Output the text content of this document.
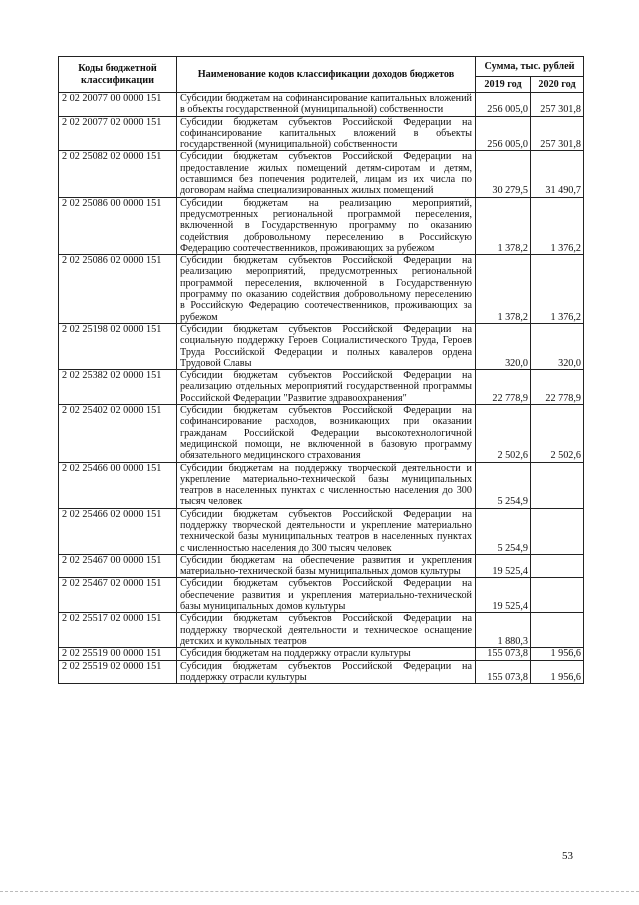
Коды бюджетной классификации	Наименование кодов классификации доходов бюджетов	Сумма, тыс. рублей	
		2019 год	2020 год
2 02 20077 00 0000 151	Субсидии бюджетам на софинансирование капитальных вложений в объекты государственной (муниципальной) собственности	256 005,0	257 301,8
2 02 20077 02 0000 151	Субсидии бюджетам субъектов Российской Федерации на софинансирование капитальных вложений в объекты государственной (муниципальной) собственности	256 005,0	257 301,8
2 02 25082 02 0000 151	Субсидии бюджетам субъектов Российской Федерации на предоставление жилых помещений детям-сиротам и детям, оставшимся без попечения родителей, лицам из их числа по договорам найма специализированных жилых помещений	30 279,5	31 490,7
2 02 25086 00 0000 151	Субсидии бюджетам на реализацию мероприятий, предусмотренных региональной программой переселения, включенной в Государственную программу по оказанию содействия добровольному переселению в Российскую Федерацию соотечественников, проживающих за рубежом	1 378,2	1 376,2
2 02 25086 02 0000 151	Субсидии бюджетам субъектов Российской Федерации на реализацию мероприятий, предусмотренных региональной программой переселения, включенной в Государственную программу по оказанию содействия добровольному переселению в Российскую Федерацию соотечественников, проживающих за рубежом	1 378,2	1 376,2
2 02 25198 02 0000 151	Субсидии бюджетам субъектов Российской Федерации на социальную поддержку Героев Социалистического Труда, Героев Труда Российской Федерации и полных кавалеров ордена Трудовой Славы	320,0	320,0
2 02 25382 02 0000 151	Субсидии бюджетам субъектов Российской Федерации на реализацию отдельных мероприятий государственной программы Российской Федерации "Развитие здравоохранения"	22 778,9	22 778,9
2 02 25402 02 0000 151	Субсидии бюджетам субъектов Российской Федерации на софинансирование расходов, возникающих при оказании гражданам Российской Федерации высокотехнологичной медицинской помощи, не включенной в базовую программу обязательного медицинского страхования	2 502,6	2 502,6
2 02 25466 00 0000 151	Субсидии бюджетам на поддержку творческой деятельности и укрепление материально-технической базы муниципальных театров в населенных пунктах с численностью населения до 300 тысяч человек	5 254,9	
2 02 25466 02 0000 151	Субсидии бюджетам субъектов Российской Федерации на поддержку творческой деятельности и укрепление материально технической базы муниципальных театров в населенных пунктах с численностью населения до 300 тысяч человек	5 254,9	
2 02 25467 00 0000 151	Субсидии бюджетам на обеспечение развития и укрепления материально-технической базы муниципальных домов культуры	19 525,4	
2 02 25467 02 0000 151	Субсидии бюджетам субъектов Российской Федерации на обеспечение развития и укрепления материально-технической базы муниципальных домов культуры	19 525,4	
2 02 25517 02 0000 151	Субсидии бюджетам субъектов Российской Федерации на поддержку творческой деятельности и техническое оснащение детских и кукольных театров	1 880,3	
2 02 25519 00 0000 151	Субсидия бюджетам на поддержку отрасли культуры	155 073,8	1 956,6
2 02 25519 02 0000 151	Субсидия бюджетам субъектов Российской Федерации на поддержку отрасли культуры	155 073,8	1 956,6
53
